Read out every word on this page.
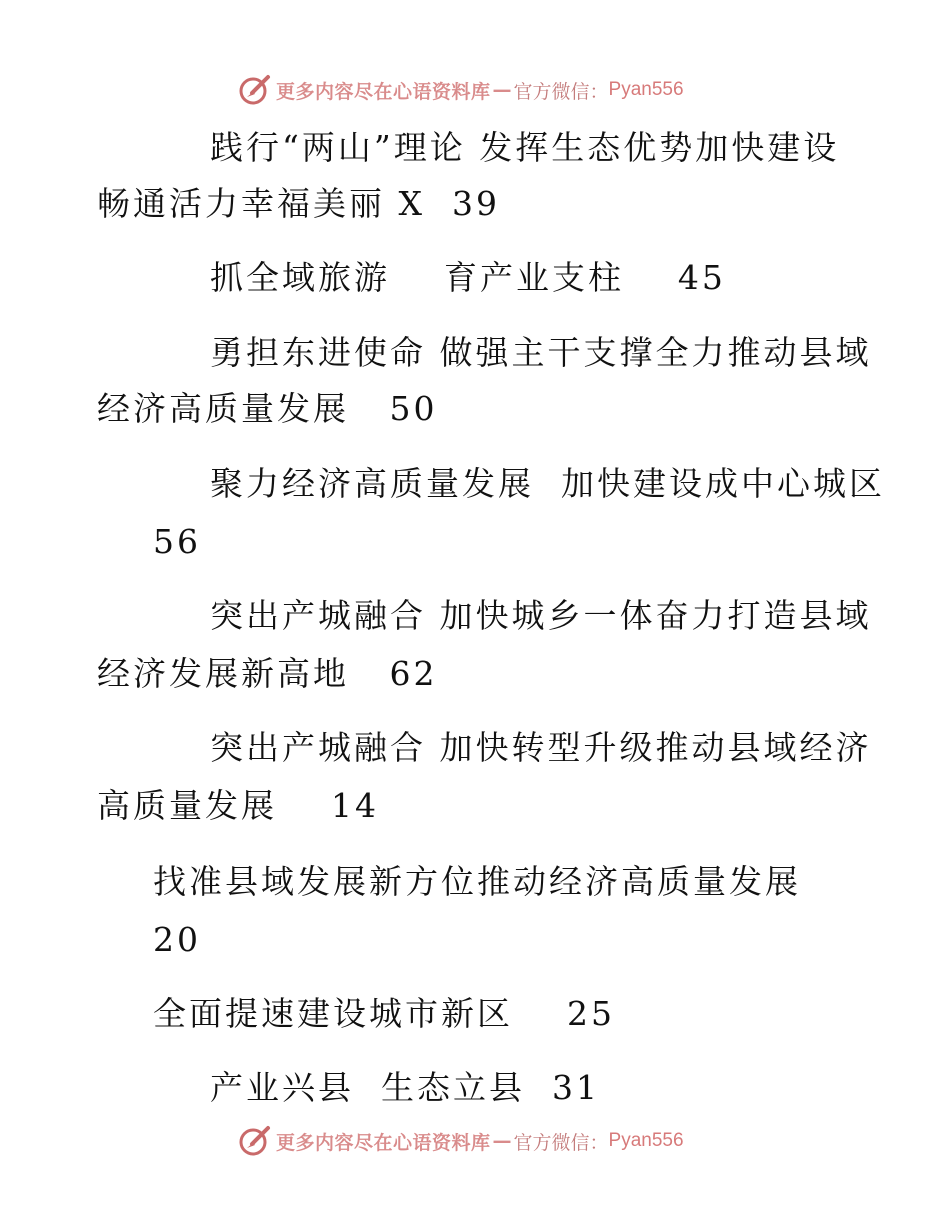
更多内容尽在心语资料库 — 官方微信： Pyan556
践行“两山”理论 发挥生态优势加快建设
畅通活力幸福美丽 X  39
抓全域旅游    育产业支柱    45
勇担东进使命 做强主干支撑全力推动县域
经济高质量发展   50
聚力经济高质量发展  加快建设成中心城区
56
突出产城融合 加快城乡一体奋力打造县域
经济发展新高地   62
突出产城融合 加快转型升级推动县域经济
高质量发展    14
找准县域发展新方位推动经济高质量发展
20
全面提速建设城市新区    25
产业兴县  生态立县  31
更多内容尽在心语资料库 — 官方微信： Pyan556
